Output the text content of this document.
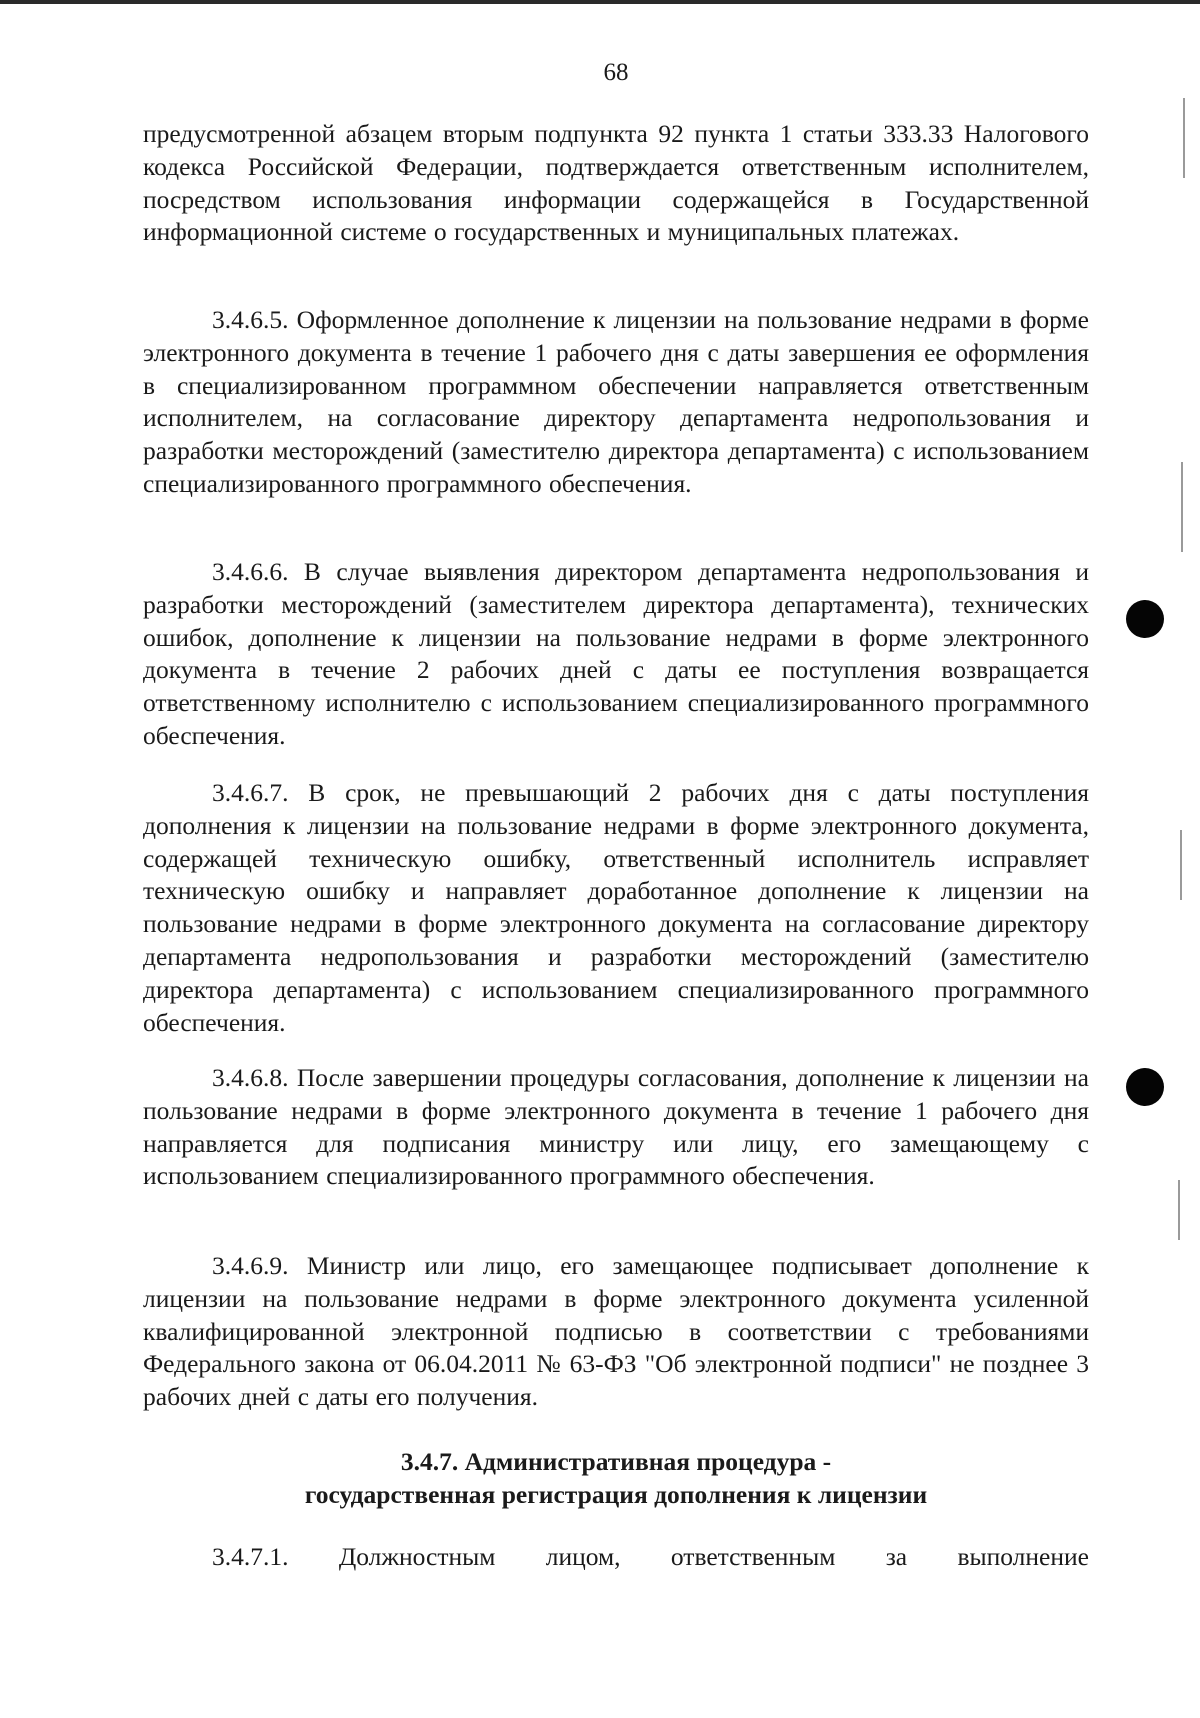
68

предусмотренной абзацем вторым подпункта 92 пункта 1 статьи 333.33 Налогового кодекса Российской Федерации, подтверждается ответственным исполнителем, посредством использования информации содержащейся в Государственной информационной системе о государственных и муниципальных платежах.

3.4.6.5. Оформленное дополнение к лицензии на пользование недрами в форме электронного документа в течение 1 рабочего дня с даты завершения ее оформления в специализированном программном обеспечении направляется ответственным исполнителем, на согласование директору департамента недропользования и разработки месторождений (заместителю директора департамента) с использованием специализированного программного обеспечения.

3.4.6.6. В случае выявления директором департамента недропользования и разработки месторождений (заместителем директора департамента), технических ошибок, дополнение к лицензии на пользование недрами в форме электронного документа в течение 2 рабочих дней с даты ее поступления возвращается ответственному исполнителю с использованием специализированного программного обеспечения.

3.4.6.7. В срок, не превышающий 2 рабочих дня с даты поступления дополнения к лицензии на пользование недрами в форме электронного документа, содержащей техническую ошибку, ответственный исполнитель исправляет техническую ошибку и направляет доработанное дополнение к лицензии на пользование недрами в форме электронного документа на согласование директору департамента недропользования и разработки месторождений (заместителю директора департамента) с использованием специализированного программного обеспечения.

3.4.6.8. После завершении процедуры согласования, дополнение к лицензии на пользование недрами в форме электронного документа в течение 1 рабочего дня направляется для подписания министру или лицу, его замещающему с использованием специализированного программного обеспечения.

3.4.6.9. Министр или лицо, его замещающее подписывает дополнение к лицензии на пользование недрами в форме электронного документа усиленной квалифицированной электронной подписью в соответствии с требованиями Федерального закона от 06.04.2011 № 63-ФЗ "Об электронной подписи" не позднее 3 рабочих дней с даты его получения.

3.4.7. Административная процедура -
государственная регистрация дополнения к лицензии
3.4.7.1. Должностным лицом, ответственным за выполнение
